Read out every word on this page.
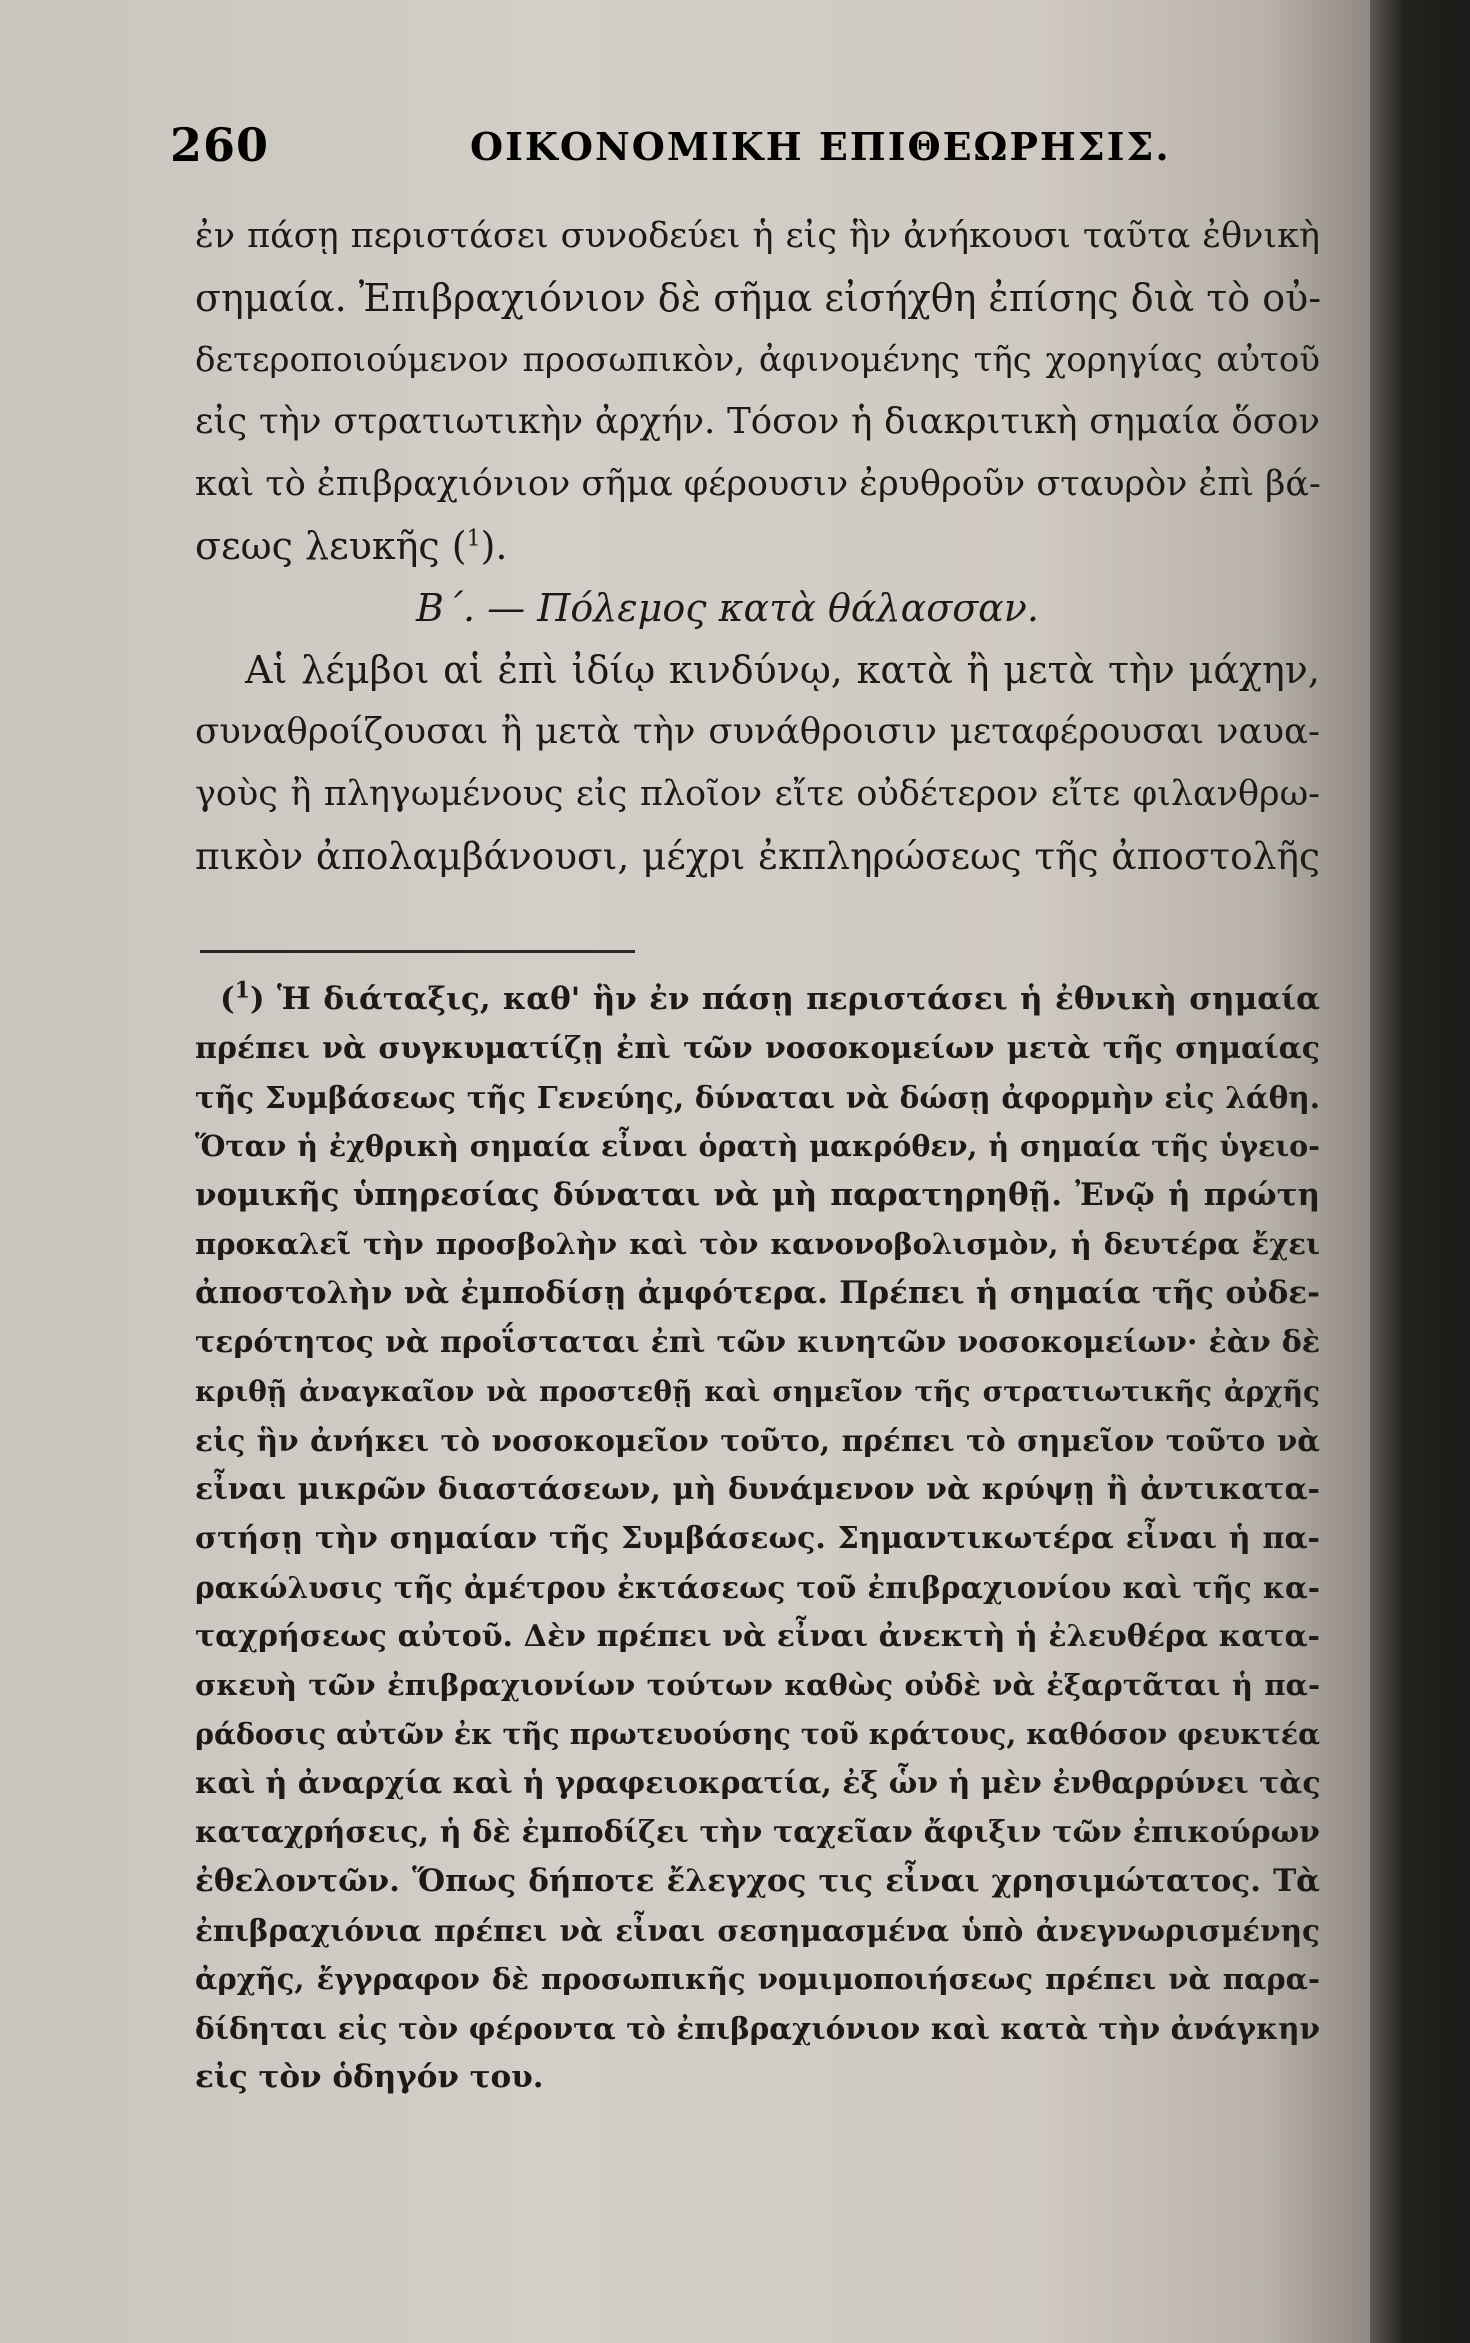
260	ΟΙΚΟΝΟΜΙΚΗ ΕΠΙΘΕΩΡΗΣΙΣ.

ἐν πάσῃ περιστάσει συνοδεύει ἡ εἰς ἣν ἀνήκουσι ταῦτα ἐθνικὴ

σημαία. Ἐπιβραχιόνιον δὲ σῆμα εἰσήχθη ἐπίσης διὰ τὸ οὐ-

δετεροποιούμενον προσωπικὸν, ἀφινομένης τῆς χορηγίας αὐτοῦ

εἰς τὴν στρατιωτικὴν ἀρχήν. Τόσον ἡ διακριτικὴ σημαία ὅσον

καὶ τὸ ἐπιβραχιόνιον σῆμα φέρουσιν ἐρυθροῦν σταυρὸν ἐπὶ βά-

σεως λευκῆς ($^1$).

Β΄. — Πόλεμος κατὰ θάλασσαν.

Αἱ λέμβοι αἱ ἐπὶ ἰδίῳ κινδύνῳ, κατὰ ἢ μετὰ τὴν μάχην,

συναθροίζουσαι ἢ μετὰ τὴν συνάθροισιν μεταφέρουσαι ναυα-

γοὺς ἢ πληγωμένους εἰς πλοῖον εἴτε οὐδέτερον εἴτε φιλανθρω-

πικὸν ἀπολαμβάνουσι, μέχρι ἐκπληρώσεως τῆς ἀποστολῆς

($^1$) Ἡ διάταξις, καθ' ἣν ἐν πάσῃ περιστάσει ἡ ἐθνικὴ σημαία

πρέπει νὰ συγκυματίζῃ ἐπὶ τῶν νοσοκομείων μετὰ τῆς σημαίας

τῆς Συμβάσεως τῆς Γενεύης, δύναται νὰ δώσῃ ἀφορμὴν εἰς λάθη.

Ὅταν ἡ ἐχθρικὴ σημαία εἶναι ὁρατὴ μακρόθεν, ἡ σημαία τῆς ὑγειο-

νομικῆς ὑπηρεσίας δύναται νὰ μὴ παρατηρηθῇ. Ἐνῷ ἡ πρώτη

προκαλεῖ τὴν προσβολὴν καὶ τὸν κανονοβολισμὸν, ἡ δευτέρα ἔχει

ἀποστολὴν νὰ ἐμποδίσῃ ἀμφότερα. Πρέπει ἡ σημαία τῆς οὐδε-

τερότητος νὰ προΐσταται ἐπὶ τῶν κινητῶν νοσοκομείων· ἐὰν δὲ

κριθῇ ἀναγκαῖον νὰ προστεθῇ καὶ σημεῖον τῆς στρατιωτικῆς ἀρχῆς

εἰς ἣν ἀνήκει τὸ νοσοκομεῖον τοῦτο, πρέπει τὸ σημεῖον τοῦτο νὰ

εἶναι μικρῶν διαστάσεων, μὴ δυνάμενον νὰ κρύψῃ ἢ ἀντικατα-

στήσῃ τὴν σημαίαν τῆς Συμβάσεως. Σημαντικωτέρα εἶναι ἡ πα-

ρακώλυσις τῆς ἀμέτρου ἐκτάσεως τοῦ ἐπιβραχιονίου καὶ τῆς κα-

ταχρήσεως αὐτοῦ. Δὲν πρέπει νὰ εἶναι ἀνεκτὴ ἡ ἐλευθέρα κατα-

σκευὴ τῶν ἐπιβραχιονίων τούτων καθὼς οὐδὲ νὰ ἐξαρτᾶται ἡ πα-

ράδοσις αὐτῶν ἐκ τῆς πρωτευούσης τοῦ κράτους, καθόσον φευκτέα

καὶ ἡ ἀναρχία καὶ ἡ γραφειοκρατία, ἐξ ὧν ἡ μὲν ἐνθαρρύνει τὰς

καταχρήσεις, ἡ δὲ ἐμποδίζει τὴν ταχεῖαν ἄφιξιν τῶν ἐπικούρων

ἐθελοντῶν. Ὅπως δήποτε ἔλεγχος τις εἶναι χρησιμώτατος. Τὰ

ἐπιβραχιόνια πρέπει νὰ εἶναι σεσημασμένα ὑπὸ ἀνεγνωρισμένης

ἀρχῆς, ἔγγραφον δὲ προσωπικῆς νομιμοποιήσεως πρέπει νὰ παρα-

δίδηται εἰς τὸν φέροντα τὸ ἐπιβραχιόνιον καὶ κατὰ τὴν ἀνάγκην

εἰς τὸν ὁδηγόν του.
